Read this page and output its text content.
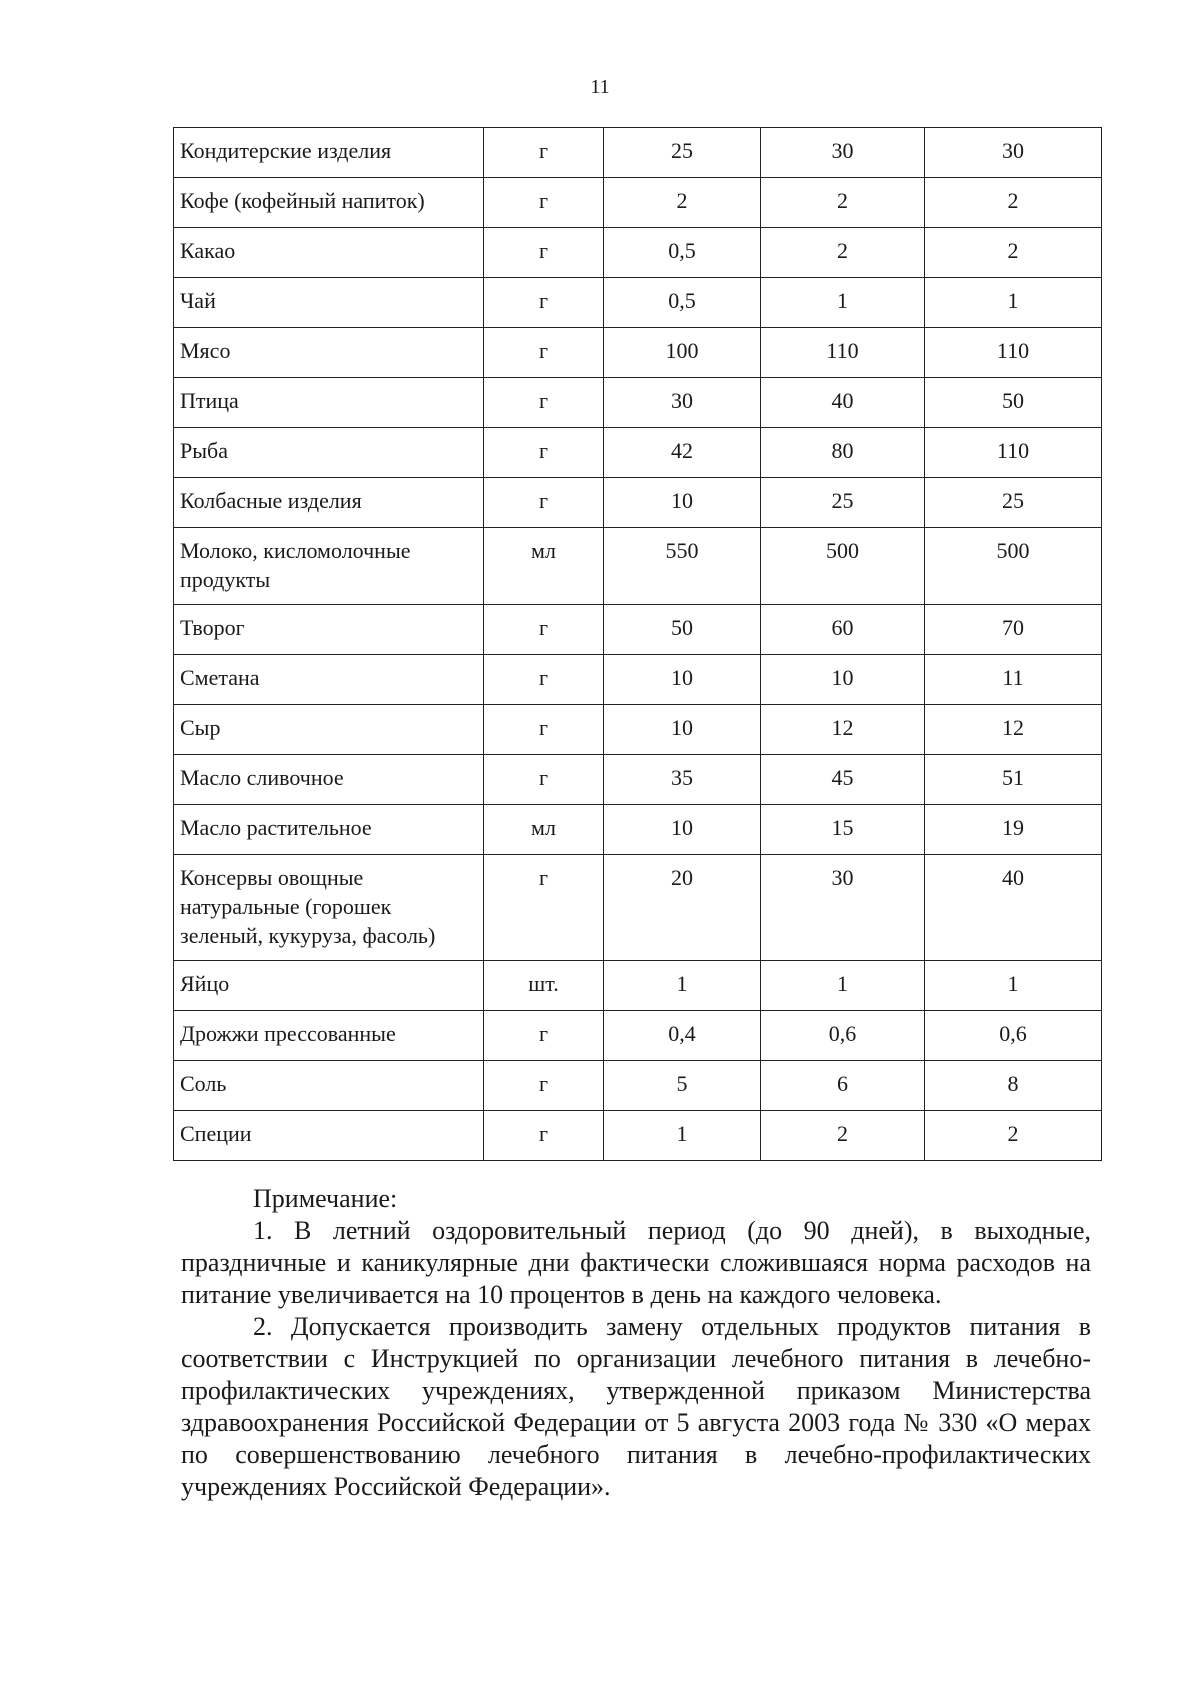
11
Кондитерские изделия	г	25	30	30
Кофе (кофейный напиток)	г	2	2	2
Какао	г	0,5	2	2
Чай	г	0,5	1	1
Мясо	г	100	110	110
Птица	г	30	40	50
Рыба	г	42	80	110
Колбасные изделия	г	10	25	25
Молоко, кисломолочные продукты	мл	550	500	500
Творог	г	50	60	70
Сметана	г	10	10	11
Сыр	г	10	12	12
Масло сливочное	г	35	45	51
Масло растительное	мл	10	15	19
Консервы овощные натуральные (горошек зеленый, кукуруза, фасоль)	г	20	30	40
Яйцо	шт.	1	1	1
Дрожжи прессованные	г	0,4	0,6	0,6
Соль	г	5	6	8
Специи	г	1	2	2

Примечание:

1. В летний оздоровительный период (до 90 дней), в выходные, праздничные и каникулярные дни фактически сложившаяся норма расходов на питание увеличивается на 10 процентов в день на каждого человека.

2. Допускается производить замену отдельных продуктов питания в соответствии с Инструкцией по организации лечебного питания в лечебно-профилактических учреждениях, утвержденной приказом Министерства здравоохранения Российской Федерации от 5 августа 2003 года № 330 «О мерах по совершенствованию лечебного питания в лечебно-профилактических учреждениях Российской Федерации».
